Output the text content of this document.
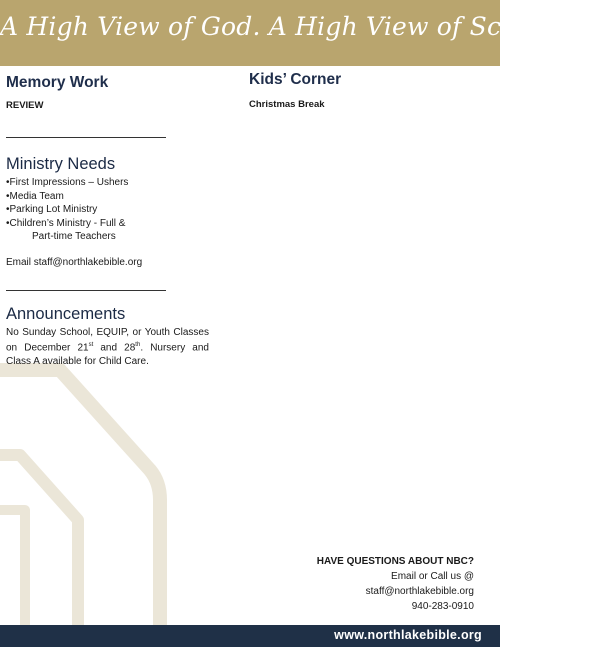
A High View of God. A High View of Scripture
Memory Work
REVIEW
Ministry Needs
•First Impressions – Ushers
•Media Team
•Parking Lot Ministry
•Children’s Ministry - Full &
Part-time Teachers
Email staff@northlakebible.org
Announcements
No Sunday School, EQUIP, or Youth Classes on December 21st and 28th. Nursery and Class A available for Child Care.
Kids’ Corner
Christmas Break
HAVE QUESTIONS ABOUT NBC?
Email or Call us @
staff@northlakebible.org
940-283-0910
www.northlakebible.org
